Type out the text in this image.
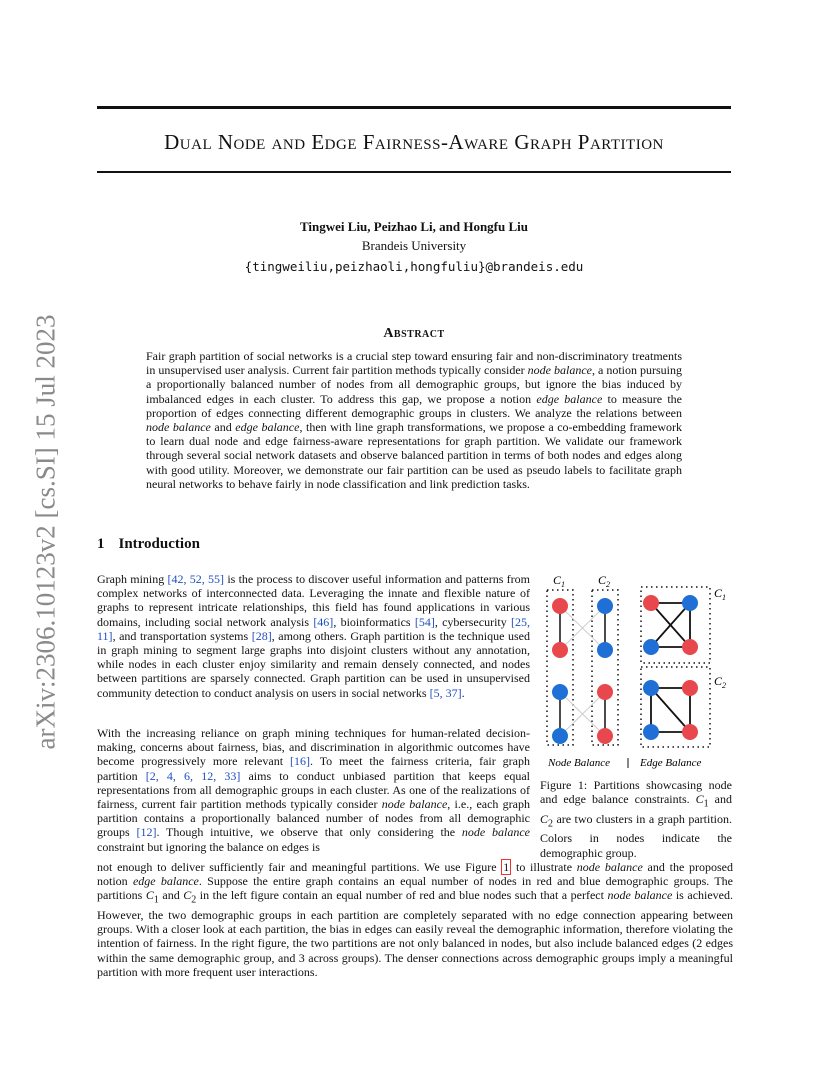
arXiv:2306.10123v2 [cs.SI] 15 Jul 2023
Dual Node and Edge Fairness-Aware Graph Partition
Tingwei Liu, Peizhao Li, and Hongfu Liu
Brandeis University
{tingweiliu,peizhaoli,hongfuliu}@brandeis.edu
Abstract
Fair graph partition of social networks is a crucial step toward ensuring fair and non-discriminatory treatments in unsupervised user analysis. Current fair partition methods typically consider node balance, a notion pursuing a proportionally balanced number of nodes from all demographic groups, but ignore the bias induced by imbalanced edges in each cluster. To address this gap, we propose a notion edge balance to measure the proportion of edges connecting different demographic groups in clusters. We analyze the relations between node balance and edge balance, then with line graph transformations, we propose a co-embedding framework to learn dual node and edge fairness-aware representations for graph partition. We validate our framework through several social network datasets and observe balanced partition in terms of both nodes and edges along with good utility. Moreover, we demonstrate our fair partition can be used as pseudo labels to facilitate graph neural networks to behave fairly in node classification and link prediction tasks.
1 Introduction
Graph mining [42, 52, 55] is the process to discover useful information and patterns from complex networks of interconnected data. Leveraging the innate and flexible nature of graphs to represent intricate relationships, this field has found applications in various domains, including social network analysis [46], bioinformatics [54], cybersecurity [25, 11], and transportation systems [28], among others. Graph partition is the technique used in graph mining to segment large graphs into disjoint clusters without any annotation, while nodes in each cluster enjoy similarity and remain densely connected, and nodes between partitions are sparsely connected. Graph partition can be used in unsupervised community detection to conduct analysis on users in social networks [5, 37].
With the increasing reliance on graph mining techniques for human-related decision-making, concerns about fairness, bias, and discrimination in algorithmic outcomes have become progressively more relevant [16]. To meet the fairness criteria, fair graph partition [2, 4, 6, 12, 33] aims to conduct unbiased partition that keeps equal representations from all demographic groups in each cluster. As one of the realizations of fairness, current fair partition methods typically consider node balance, i.e., each graph partition contains a proportionally balanced number of nodes from all demographic groups [12]. Though intuitive, we observe that only considering the node balance constraint but ignoring the balance on edges is
not enough to deliver sufficiently fair and meaningful partitions. We use Figure 1 to illustrate node balance and the proposed notion edge balance. Suppose the entire graph contains an equal number of nodes in red and blue demographic groups. The partitions $C_1$ and $C_2$ in the left figure contain an equal number of red and blue nodes such that a perfect node balance is achieved. However, the two demographic groups in each partition are completely separated with no edge connection appearing between groups. With a closer look at each partition, the bias in edges can easily reveal the demographic information, therefore violating the intention of fairness. In the right figure, the two partitions are not only balanced in nodes, but also include balanced edges (2 edges within the same demographic group, and 3 across groups). The denser connections across demographic groups imply a meaningful partition with more frequent user interactions.
$C_1$	$C_2$
Node Balance
$C_1$
$C_2$
Edge Balance
Figure 1: Partitions showcasing node and edge balance constraints. $C_1$ and $C_2$ are two clusters in a graph partition. Colors in nodes indicate the demographic group.
